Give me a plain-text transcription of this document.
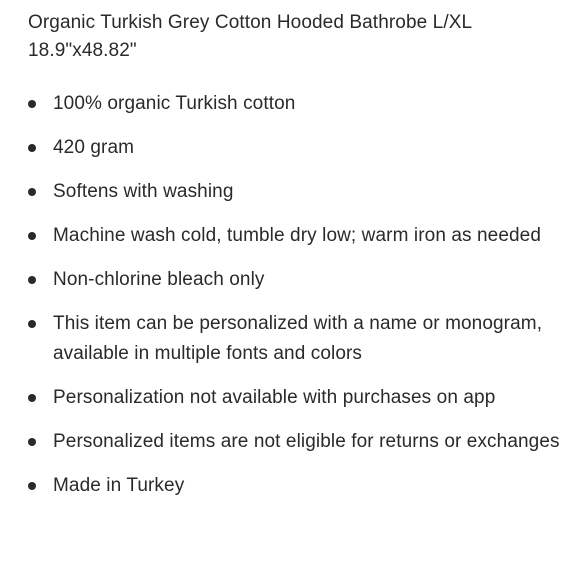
Organic Turkish Grey Cotton Hooded Bathrobe L/XL
18.9"x48.82"

100% organic Turkish cotton
420 gram
Softens with washing
Machine wash cold, tumble dry low; warm iron as needed
Non-chlorine bleach only
This item can be personalized with a name or monogram, available in multiple fonts and colors
Personalization not available with purchases on app
Personalized items are not eligible for returns or exchanges
Made in Turkey
